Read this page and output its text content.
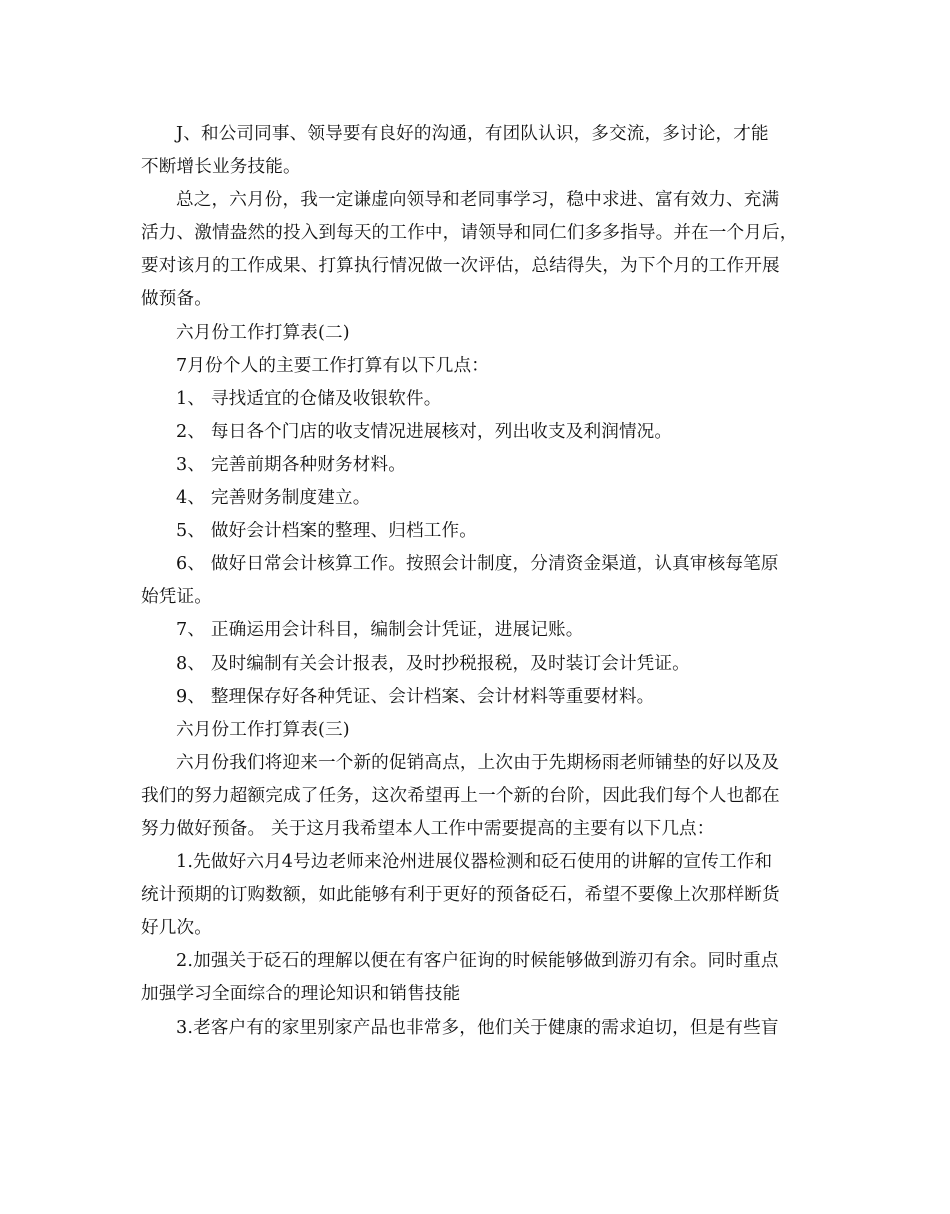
J、和公司同事、领导要有良好的沟通，有团队认识，多交流，多讨论，才能
不断增长业务技能。
总之，六月份，我一定谦虚向领导和老同事学习，稳中求进、富有效力、充满
活力、激情盎然的投入到每天的工作中，请领导和同仁们多多指导。并在一个月后，
要对该月的工作成果、打算执行情况做一次评估，总结得失，为下个月的工作开展
做预备。
六月份工作打算表(二)
7月份个人的主要工作打算有以下几点：
1、 寻找适宜的仓储及收银软件。
2、 每日各个门店的收支情况进展核对，列出收支及利润情况。
3、 完善前期各种财务材料。
4、 完善财务制度建立。
5、 做好会计档案的整理、归档工作。
6、 做好日常会计核算工作。按照会计制度，分清资金渠道，认真审核每笔原
始凭证。
7、 正确运用会计科目，编制会计凭证，进展记账。
8、 及时编制有关会计报表，及时抄税报税，及时装订会计凭证。
9、 整理保存好各种凭证、会计档案、会计材料等重要材料。
六月份工作打算表(三)
六月份我们将迎来一个新的促销高点，上次由于先期杨雨老师铺垫的好以及及
我们的努力超额完成了任务，这次希望再上一个新的台阶，因此我们每个人也都在
努力做好预备。 关于这月我希望本人工作中需要提高的主要有以下几点：
1.先做好六月4号边老师来沧州进展仪器检测和砭石使用的讲解的宣传工作和
统计预期的订购数额，如此能够有利于更好的预备砭石，希望不要像上次那样断货
好几次。
2.加强关于砭石的理解以便在有客户征询的时候能够做到游刃有余。同时重点
加强学习全面综合的理论知识和销售技能
3.老客户有的家里别家产品也非常多，他们关于健康的需求迫切，但是有些盲
